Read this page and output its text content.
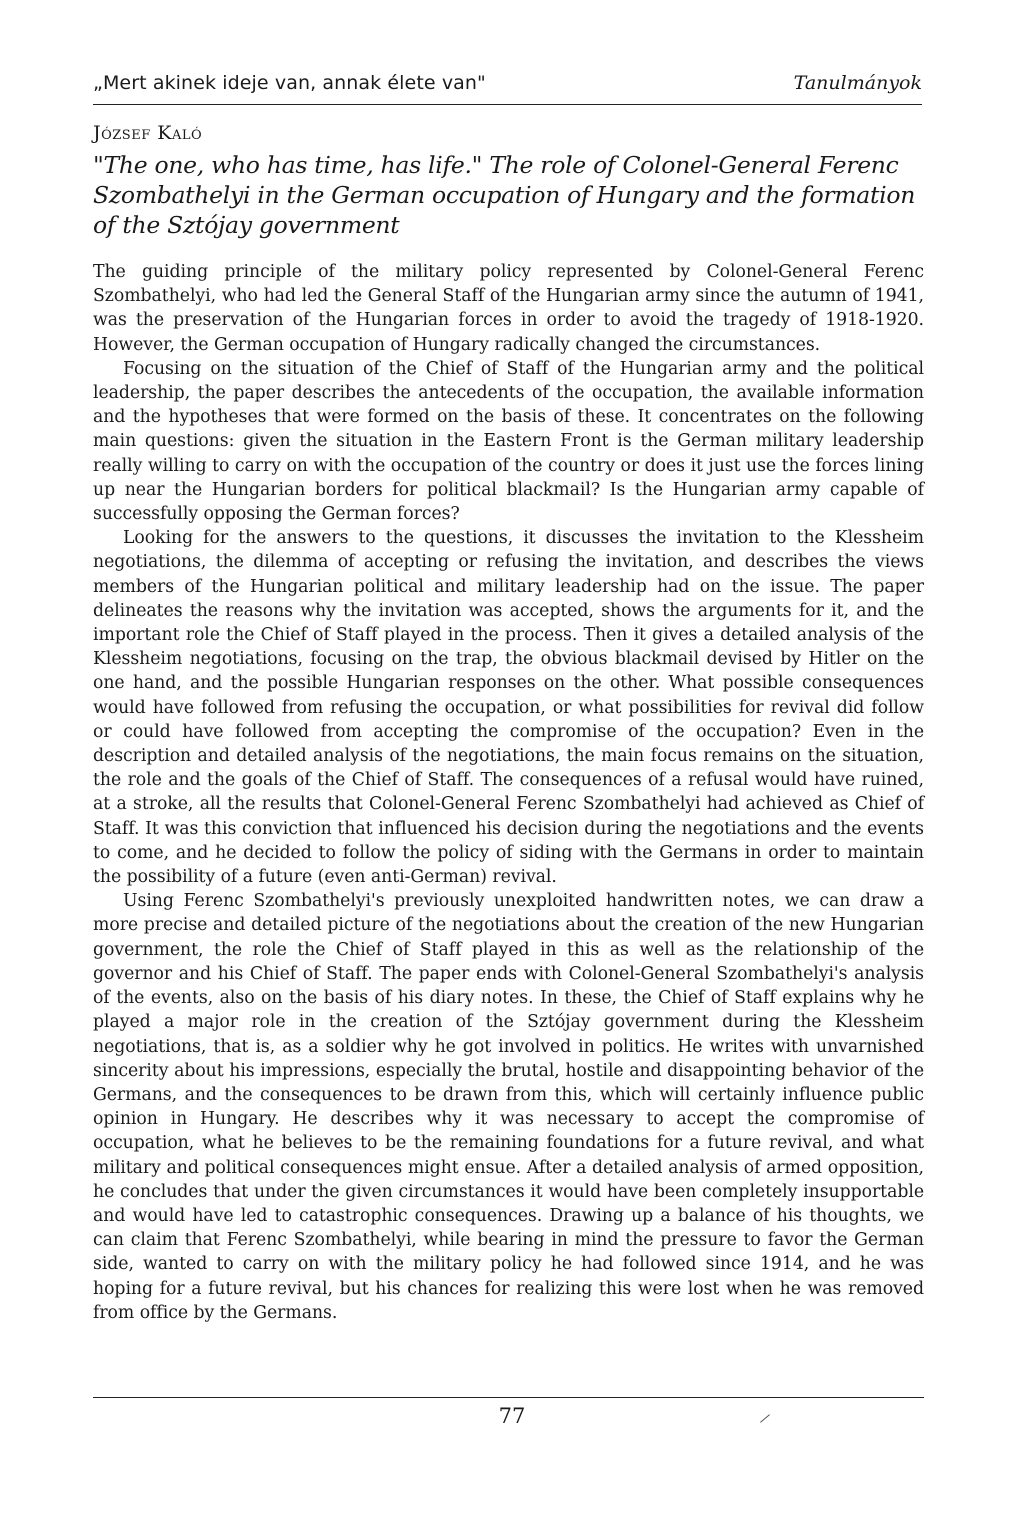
„Mert akinek ideje van, annak élete van"	Tanulmányok
József Kaló
"The one, who has time, has life." The role of Colonel-General Ferenc Szombathelyi in the German occupation of Hungary and the formation of the Sztójay government

The guiding principle of the military policy represented by Colonel-General Ferenc Szombathelyi, who had led the General Staff of the Hungarian army since the autumn of 1941, was the preservation of the Hungarian forces in order to avoid the tragedy of 1918-1920. However, the German occupation of Hungary radically changed the circumstances.

Focusing on the situation of the Chief of Staff of the Hungarian army and the political leadership, the paper describes the antecedents of the occupation, the available information and the hypotheses that were formed on the basis of these. It concentrates on the following main questions: given the situation in the Eastern Front is the German military leadership really willing to carry on with the occupation of the country or does it just use the forces lining up near the Hungarian borders for political blackmail? Is the Hungarian army capable of successfully opposing the German forces?

Looking for the answers to the questions, it discusses the invitation to the Klessheim negotiations, the dilemma of accepting or refusing the invitation, and describes the views members of the Hungarian political and military leadership had on the issue. The paper delineates the reasons why the invitation was accepted, shows the arguments for it, and the important role the Chief of Staff played in the process. Then it gives a detailed analysis of the Klessheim negotiations, focusing on the trap, the obvious blackmail devised by Hitler on the one hand, and the possible Hungarian responses on the other. What possible consequences would have followed from refusing the occupation, or what possibilities for revival did follow or could have followed from accepting the compromise of the occupation? Even in the description and detailed analysis of the negotiations, the main focus remains on the situation, the role and the goals of the Chief of Staff. The consequences of a refusal would have ruined, at a stroke, all the results that Colonel-General Ferenc Szombathelyi had achieved as Chief of Staff. It was this conviction that influenced his decision during the negotiations and the events to come, and he decided to follow the policy of siding with the Germans in order to maintain the possibility of a future (even anti-German) revival.

Using Ferenc Szombathelyi's previously unexploited handwritten notes, we can draw a more precise and detailed picture of the negotiations about the creation of the new Hungarian government, the role the Chief of Staff played in this as well as the relationship of the governor and his Chief of Staff. The paper ends with Colonel-General Szombathelyi's analysis of the events, also on the basis of his diary notes. In these, the Chief of Staff explains why he played a major role in the creation of the Sztójay government during the Klessheim negotiations, that is, as a soldier why he got involved in politics. He writes with unvarnished sincerity about his impressions, especially the brutal, hostile and disappointing behavior of the Germans, and the consequences to be drawn from this, which will certainly influence public opinion in Hungary. He describes why it was necessary to accept the compromise of occupation, what he believes to be the remaining foundations for a future revival, and what military and political consequences might ensue. After a detailed analysis of armed opposition, he concludes that under the given circumstances it would have been completely insupportable and would have led to catastrophic consequences. Drawing up a balance of his thoughts, we can claim that Ferenc Szombathelyi, while bearing in mind the pressure to favor the German side, wanted to carry on with the military policy he had followed since 1914, and he was hoping for a future revival, but his chances for realizing this were lost when he was removed from office by the Germans.

77
